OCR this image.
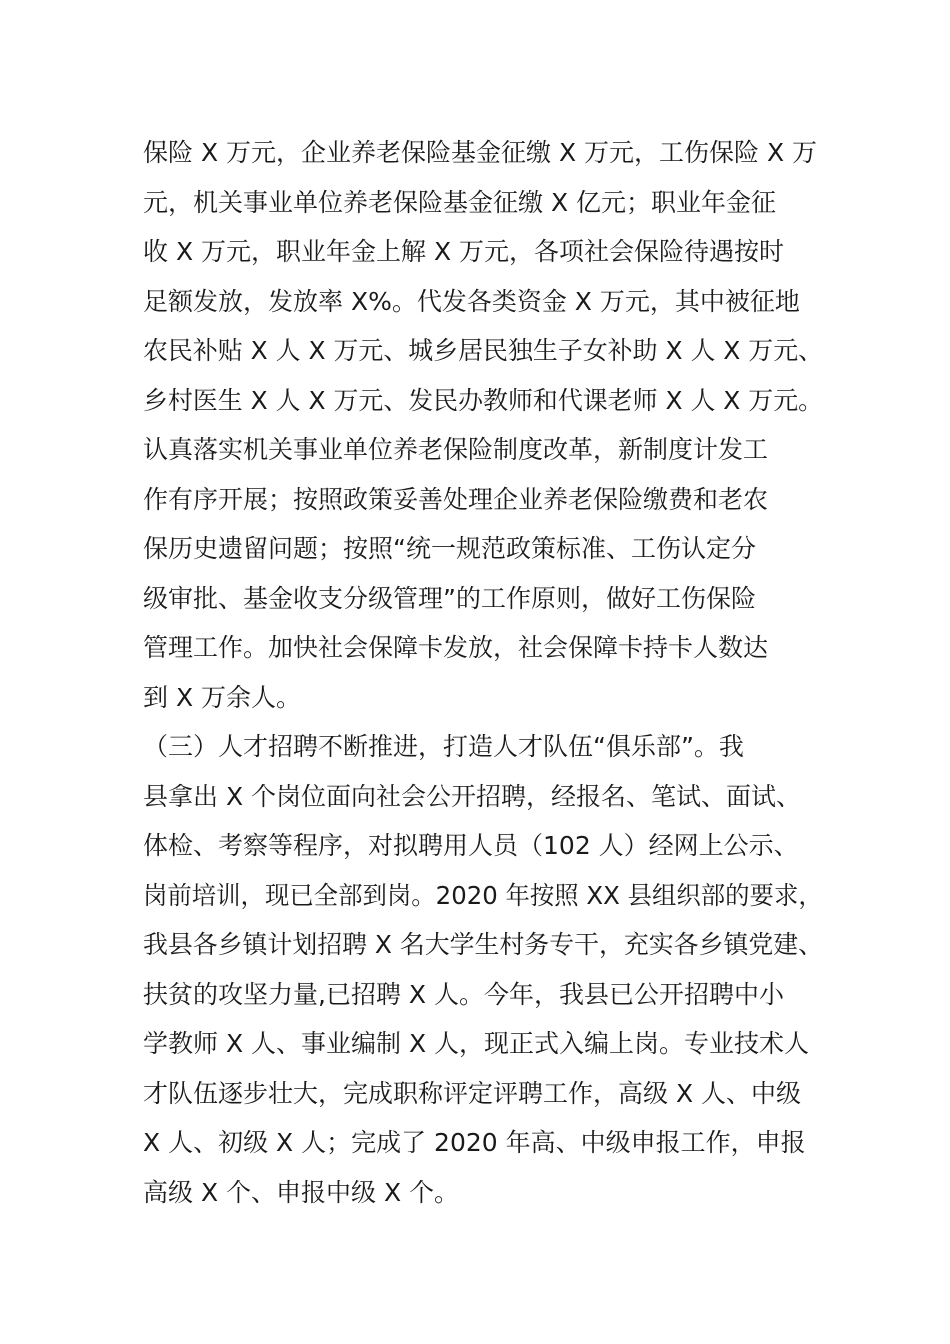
保险 X 万元，企业养老保险基金征缴 X 万元，工伤保险 X 万
元，机关事业单位养老保险基金征缴 X 亿元；职业年金征
收 X 万元，职业年金上解 X 万元，各项社会保险待遇按时
足额发放，发放率 X%。代发各类资金 X 万元，其中被征地
农民补贴 X 人 X 万元、城乡居民独生子女补助 X 人 X 万元、
乡村医生 X 人 X 万元、发民办教师和代课老师 X 人 X 万元。
认真落实机关事业单位养老保险制度改革，新制度计发工
作有序开展；按照政策妥善处理企业养老保险缴费和老农
保历史遗留问题；按照“统一规范政策标准、工伤认定分
级审批、基金收支分级管理”的工作原则，做好工伤保险
管理工作。加快社会保障卡发放，社会保障卡持卡人数达
到 X 万余人。
（三）人才招聘不断推进，打造人才队伍“俱乐部”。我
县拿出 X 个岗位面向社会公开招聘，经报名、笔试、面试、
体检、考察等程序，对拟聘用人员（102 人）经网上公示、
岗前培训，现已全部到岗。2020 年按照 XX 县组织部的要求，
我县各乡镇计划招聘 X 名大学生村务专干，充实各乡镇党建、
扶贫的攻坚力量,已招聘 X 人。今年，我县已公开招聘中小
学教师 X 人、事业编制 X 人，现正式入编上岗。专业技术人
才队伍逐步壮大，完成职称评定评聘工作，高级 X 人、中级
X 人、初级 X 人；完成了 2020 年高、中级申报工作，申报
高级 X 个、申报中级 X 个。
